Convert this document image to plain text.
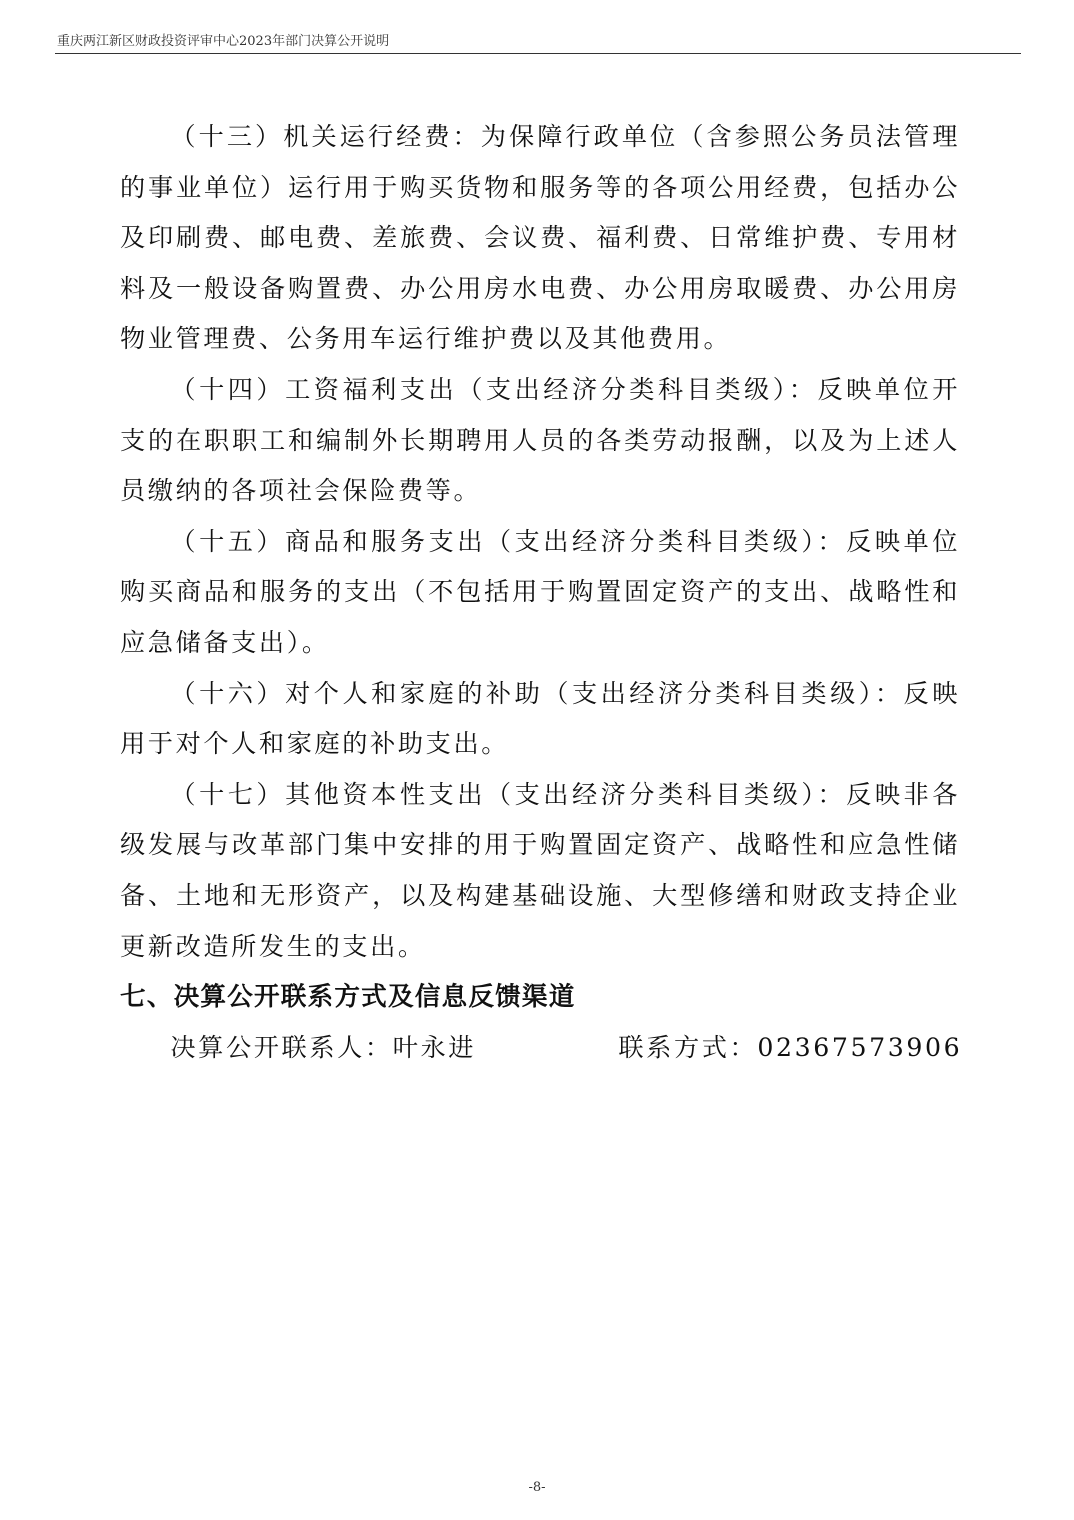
重庆两江新区财政投资评审中心2023年部门决算公开说明

（十三）机关运行经费：为保障行政单位（含参照公务员法管理的事业单位）运行用于购买货物和服务等的各项公用经费，包括办公及印刷费、邮电费、差旅费、会议费、福利费、日常维护费、专用材料及一般设备购置费、办公用房水电费、办公用房取暖费、办公用房物业管理费、公务用车运行维护费以及其他费用。

（十四）工资福利支出（支出经济分类科目类级）：反映单位开支的在职职工和编制外长期聘用人员的各类劳动报酬，以及为上述人员缴纳的各项社会保险费等。

（十五）商品和服务支出（支出经济分类科目类级）：反映单位购买商品和服务的支出（不包括用于购置固定资产的支出、战略性和应急储备支出）。

（十六）对个人和家庭的补助（支出经济分类科目类级）：反映用于对个人和家庭的补助支出。

（十七）其他资本性支出（支出经济分类科目类级）：反映非各级发展与改革部门集中安排的用于购置固定资产、战略性和应急性储备、土地和无形资产，以及构建基础设施、大型修缮和财政支持企业更新改造所发生的支出。

七、决算公开联系方式及信息反馈渠道

决算公开联系人：叶永进	联系方式：02367573906

-8-
